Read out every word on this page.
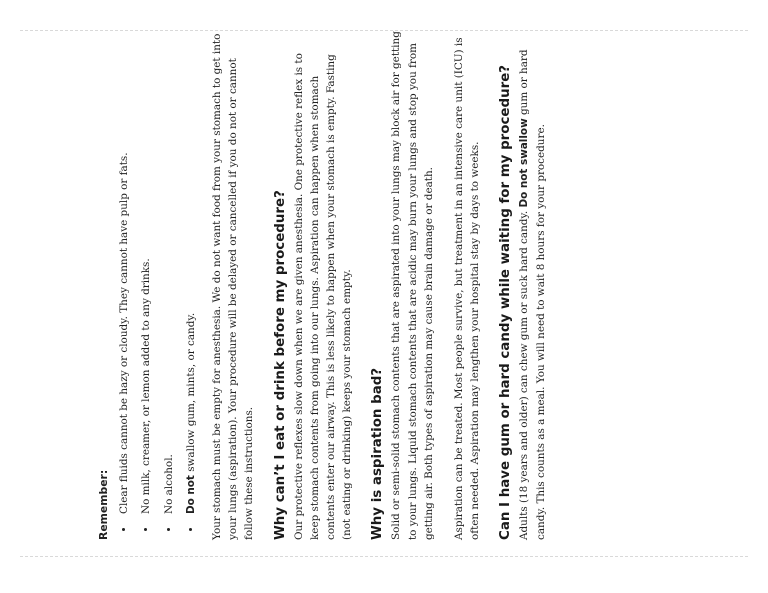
Remember: • Clear fluids cannot be hazy or cloudy. They cannot have pulp or fats. • No milk, creamer, or lemon added to any drinks. • No alcohol. • Do not swallow gum, mints, or candy. Your stomach must be empty for anesthesia. We do not want food from your stomach to get into your lungs (aspiration). Your procedure will be delayed or cancelled if you do not or cannot follow these instructions. Why can’t I eat or drink before my procedure? Our protective reflexes slow down when we are given anesthesia. One protective reflex is to keep stomach contents from going into our lungs. Aspiration can happen when stomach contents enter our airway. This is less likely to happen when your stomach is empty. Fasting (not eating or drinking) keeps your stomach empty. Why is aspiration bad? Solid or semi-solid stomach contents that are aspirated into your lungs may block air for getting to your lungs. Liquid stomach contents that are acidic may burn your lungs and stop you from getting air. Both types of aspiration may cause brain damage or death. Aspiration can be treated. Most people survive, but treatment in an intensive care unit (ICU) is often needed. Aspiration may lengthen your hospital stay by days to weeks. Can I have gum or hard candy while waiting for my procedure? Adults (18 years and older) can chew gum or suck hard candy. Do not swallow gum or hard candy. This counts as a meal. You will need to wait 8 hours for your procedure.
